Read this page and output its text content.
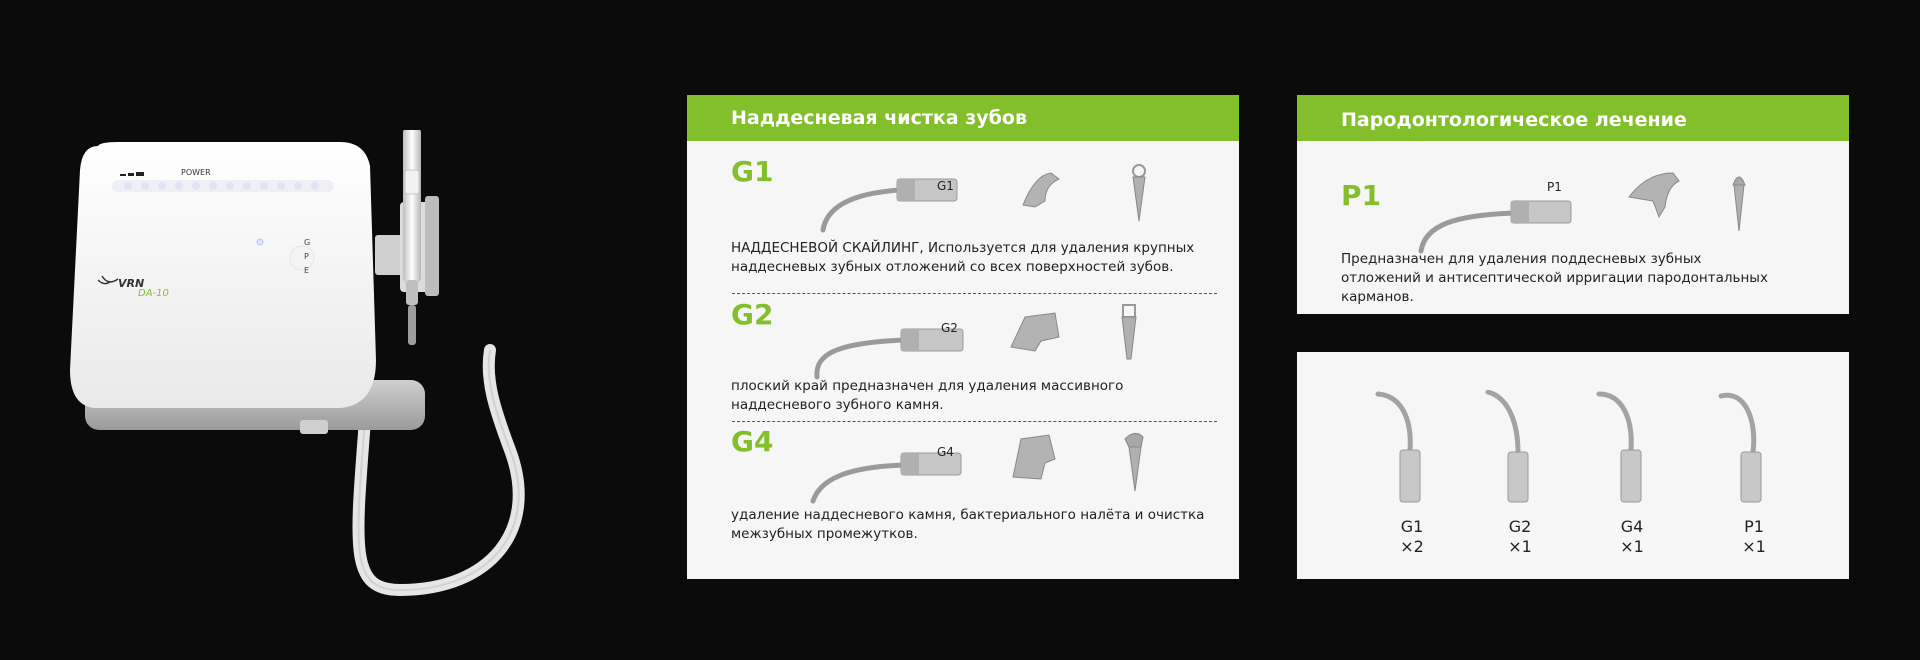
POWER
G
P
E
VRN
DA-10
Наддесневая чистка зубов
G1	G1
НАДДЕСНЕВОЙ СКАЙЛИНГ, Используется для удаления крупных наддесневых зубных отложений со всех поверхностей зубов.
G2	G2
плоский край предназначен для удаления массивного наддесневого зубного камня.
G4	G4
удаление наддесневого камня, бактериального налёта и очистка межзубных промежутков.
Пародонтологическое лечение
P1	P1
Предназначен для удаления поддесневых зубных отложений и антисептической ирригации пародонтальных карманов.
G1
×2
G2
×1
G4
×1
P1
×1
